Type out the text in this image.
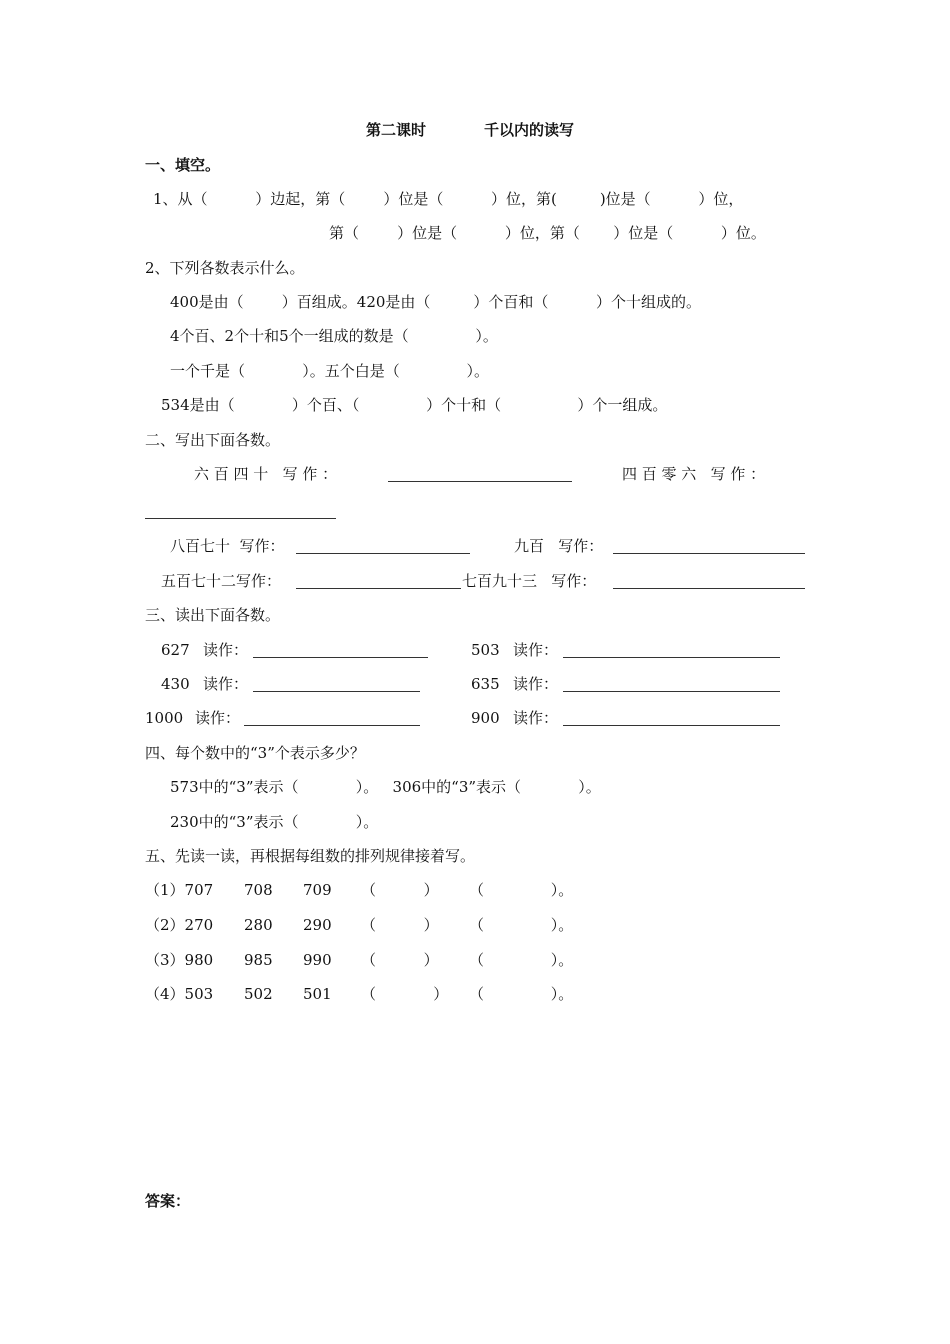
第二课时	千以内的读写
一、填空。
1、从（          ）边起，第（        ）位是（          ）位，第(         )位是（          ）位，
第（        ）位是（          ）位，第（       ）位是（          ）位。
2、下列各数表示什么。
400是由（        ）百组成。420是由（         ）个百和（          ）个十组成的。
4个百、2个十和5个一组成的数是（              ）。
一个千是（            ）。五个白是（              ）。
534是由（            ）个百、（              ）个十和（                ）个一组成。
二、写出下面各数。
六 百 四 十   写 作 ：	四 百 零 六   写 作 ：
八百七十  写作：	九百   写作：
五百七十二写作：	七百九十三   写作：
三、读出下面各数。
627 读作：	503 读作：
430 读作：	635 读作：
1000 读作：	900 读作：
四、每个数中的“3”个表示多少？
573中的“3”表示（            ）。   306中的“3”表示（            ）。
230中的“3”表示（            ）。
五、先读一读，再根据每组数的排列规律接着写。
（1）707 708 709 （          ） （              ）。
（2）270 280 290 （          ） （              ）。
（3）980 985 990 （          ） （              ）。
（4）503 502 501 （            ） （              ）。
答案：
